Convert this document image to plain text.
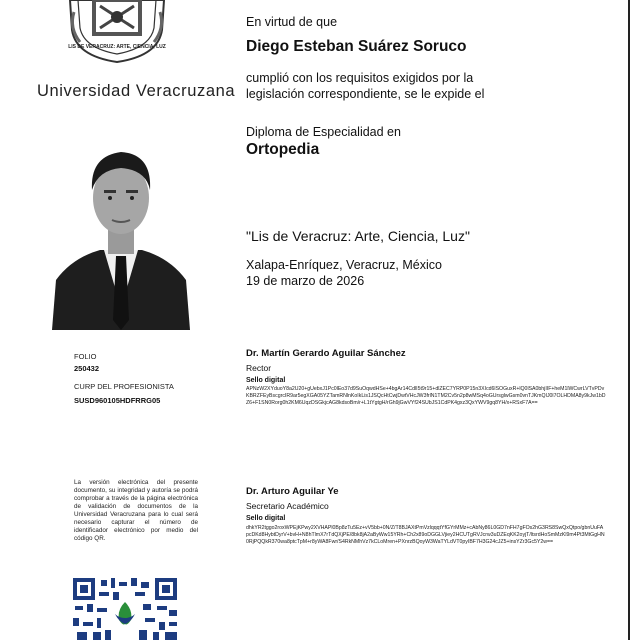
LIS DE VERACRUZ: ARTE, CIENCIA, LUZ
Universidad Veracruzana
FOLIO
250432
CURP DEL PROFESIONISTA
SUSD960105HDFRRG05
La versión electrónica del presente documento, su integridad y autoría se podrá comprobar a través de la página electrónica de validación de documentos de la Universidad Veracruzana para lo cual será necesario capturar el número de identificador electrónico por medio del código QR.
En virtud de que
Diego Esteban Suárez Soruco
cumplió con los requisitos exigidos por la
legislación correspondiente, se le expide el
Diploma de Especialidad en
Ortopedia
"Lis de Veracruz: Arte, Ciencia, Luz"
Xalapa-Enríquez, Veracruz, México
19 de marzo de 2026
Dr. Martín Gerardo Aguilar Sánchez
Rector
Sello digital
APNzW2XYduoY8a2U20+gUebxJ1Pc0lEo37d9SuOqwdHSe+4bgAr14CdlI5t9r15+dlZEC7YRP0P15n3XIcd6lSOGuxR+lQ0lSA0bhjIIF+heM1lWCwrLVTvPDvKBRZFEyBscgrcIR9ar5egXGA05YZTamRNlnKoIkLis1JSQcHtCwjDwtVHcJW3frlN1TM2Cv5n2p8wMSq4oGUrsglwGsm0vnTJKmQIJ0l7OLHDMA8y9kJw1bDZ6+F1SN0Rorg0h2KM6UqzDSGkjcAG8kdsoBm/r+L1tYgtgH/rGh9jGwVYf24SUbJS1CdPK4gxz3QxYWV9gq8YH/x+RSxF7A==
Dr. Arturo Aguilar Ye
Secretario Académico
Sello digital
dhkYR2tggo2roxWPEjKPwy2XVHAPl0Bp8zTu5Ez+vV5bb+0N/Z/T8BJAXtPmVzlqqqtYfGYrMMz+cAbNy86L0GD7nFH7gFOs2hG3RS8SwQxQtpo/gbnUuFApcDKd8HybtDyrV+bvH+N8hTlmX7rTdQXjPE/8bk8jA2aByWw15YRh+Ch2x89oDGGLVjiey2HCUTgRVJcrw3uDZEqKK2oyjT/ltsrdHoSmMzKl9m4Pt3MtGgHN0RjPQQkR370wa8ptcTpM+r8yWA8Fwr/S4RkNMhVz7kCLoMren+PXnrzBQoyW3WaTYLdVT0pyIBF7H3G24cJZ5+insYZr3Gc5Y2w==
